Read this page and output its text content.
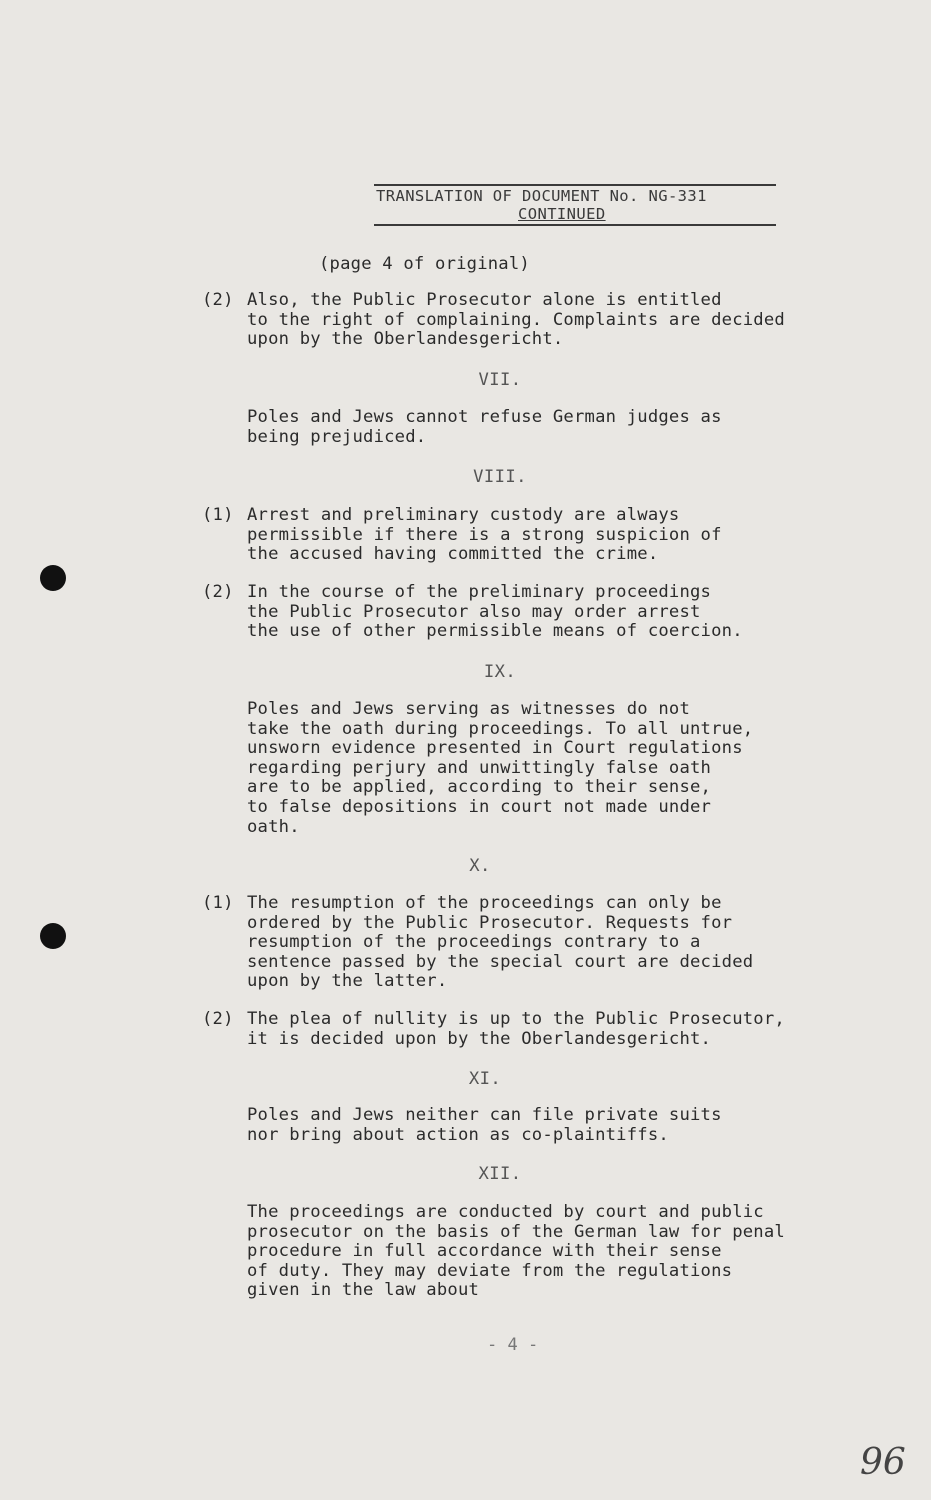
TRANSLATION OF DOCUMENT No. NG-331
CONTINUED
(page 4 of original)
(2) Also, the Public Prosecutor alone is entitled
to the right of complaining. Complaints are decided
upon by the Oberlandesgericht.
VII.
Poles and Jews cannot refuse German judges as
being prejudiced.
VIII.
(1) Arrest and preliminary custody are always
permissible if there is a strong suspicion of
the accused having committed the crime.
(2) In the course of the preliminary proceedings
the Public Prosecutor also may order arrest
the use of other permissible means of coercion.
IX.
Poles and Jews serving as witnesses do not
take the oath during proceedings. To all untrue,
unsworn evidence presented in Court regulations
regarding perjury and unwittingly false oath
are to be applied, according to their sense,
to false depositions in court not made under
oath.
X.
(1) The resumption of the proceedings can only be
ordered by the Public Prosecutor. Requests for
resumption of the proceedings contrary to a
sentence passed by the special court are decided
upon by the latter.
(2) The plea of nullity is up to the Public Prosecutor,
it is decided upon by the Oberlandesgericht.
XI.
Poles and Jews neither can file private suits
nor bring about action as co-plaintiffs.
XII.
The proceedings are conducted by court and public
prosecutor on the basis of the German law for penal
procedure in full accordance with their sense
of duty. They may deviate from the regulations
given in the law about
- 4 -
96
